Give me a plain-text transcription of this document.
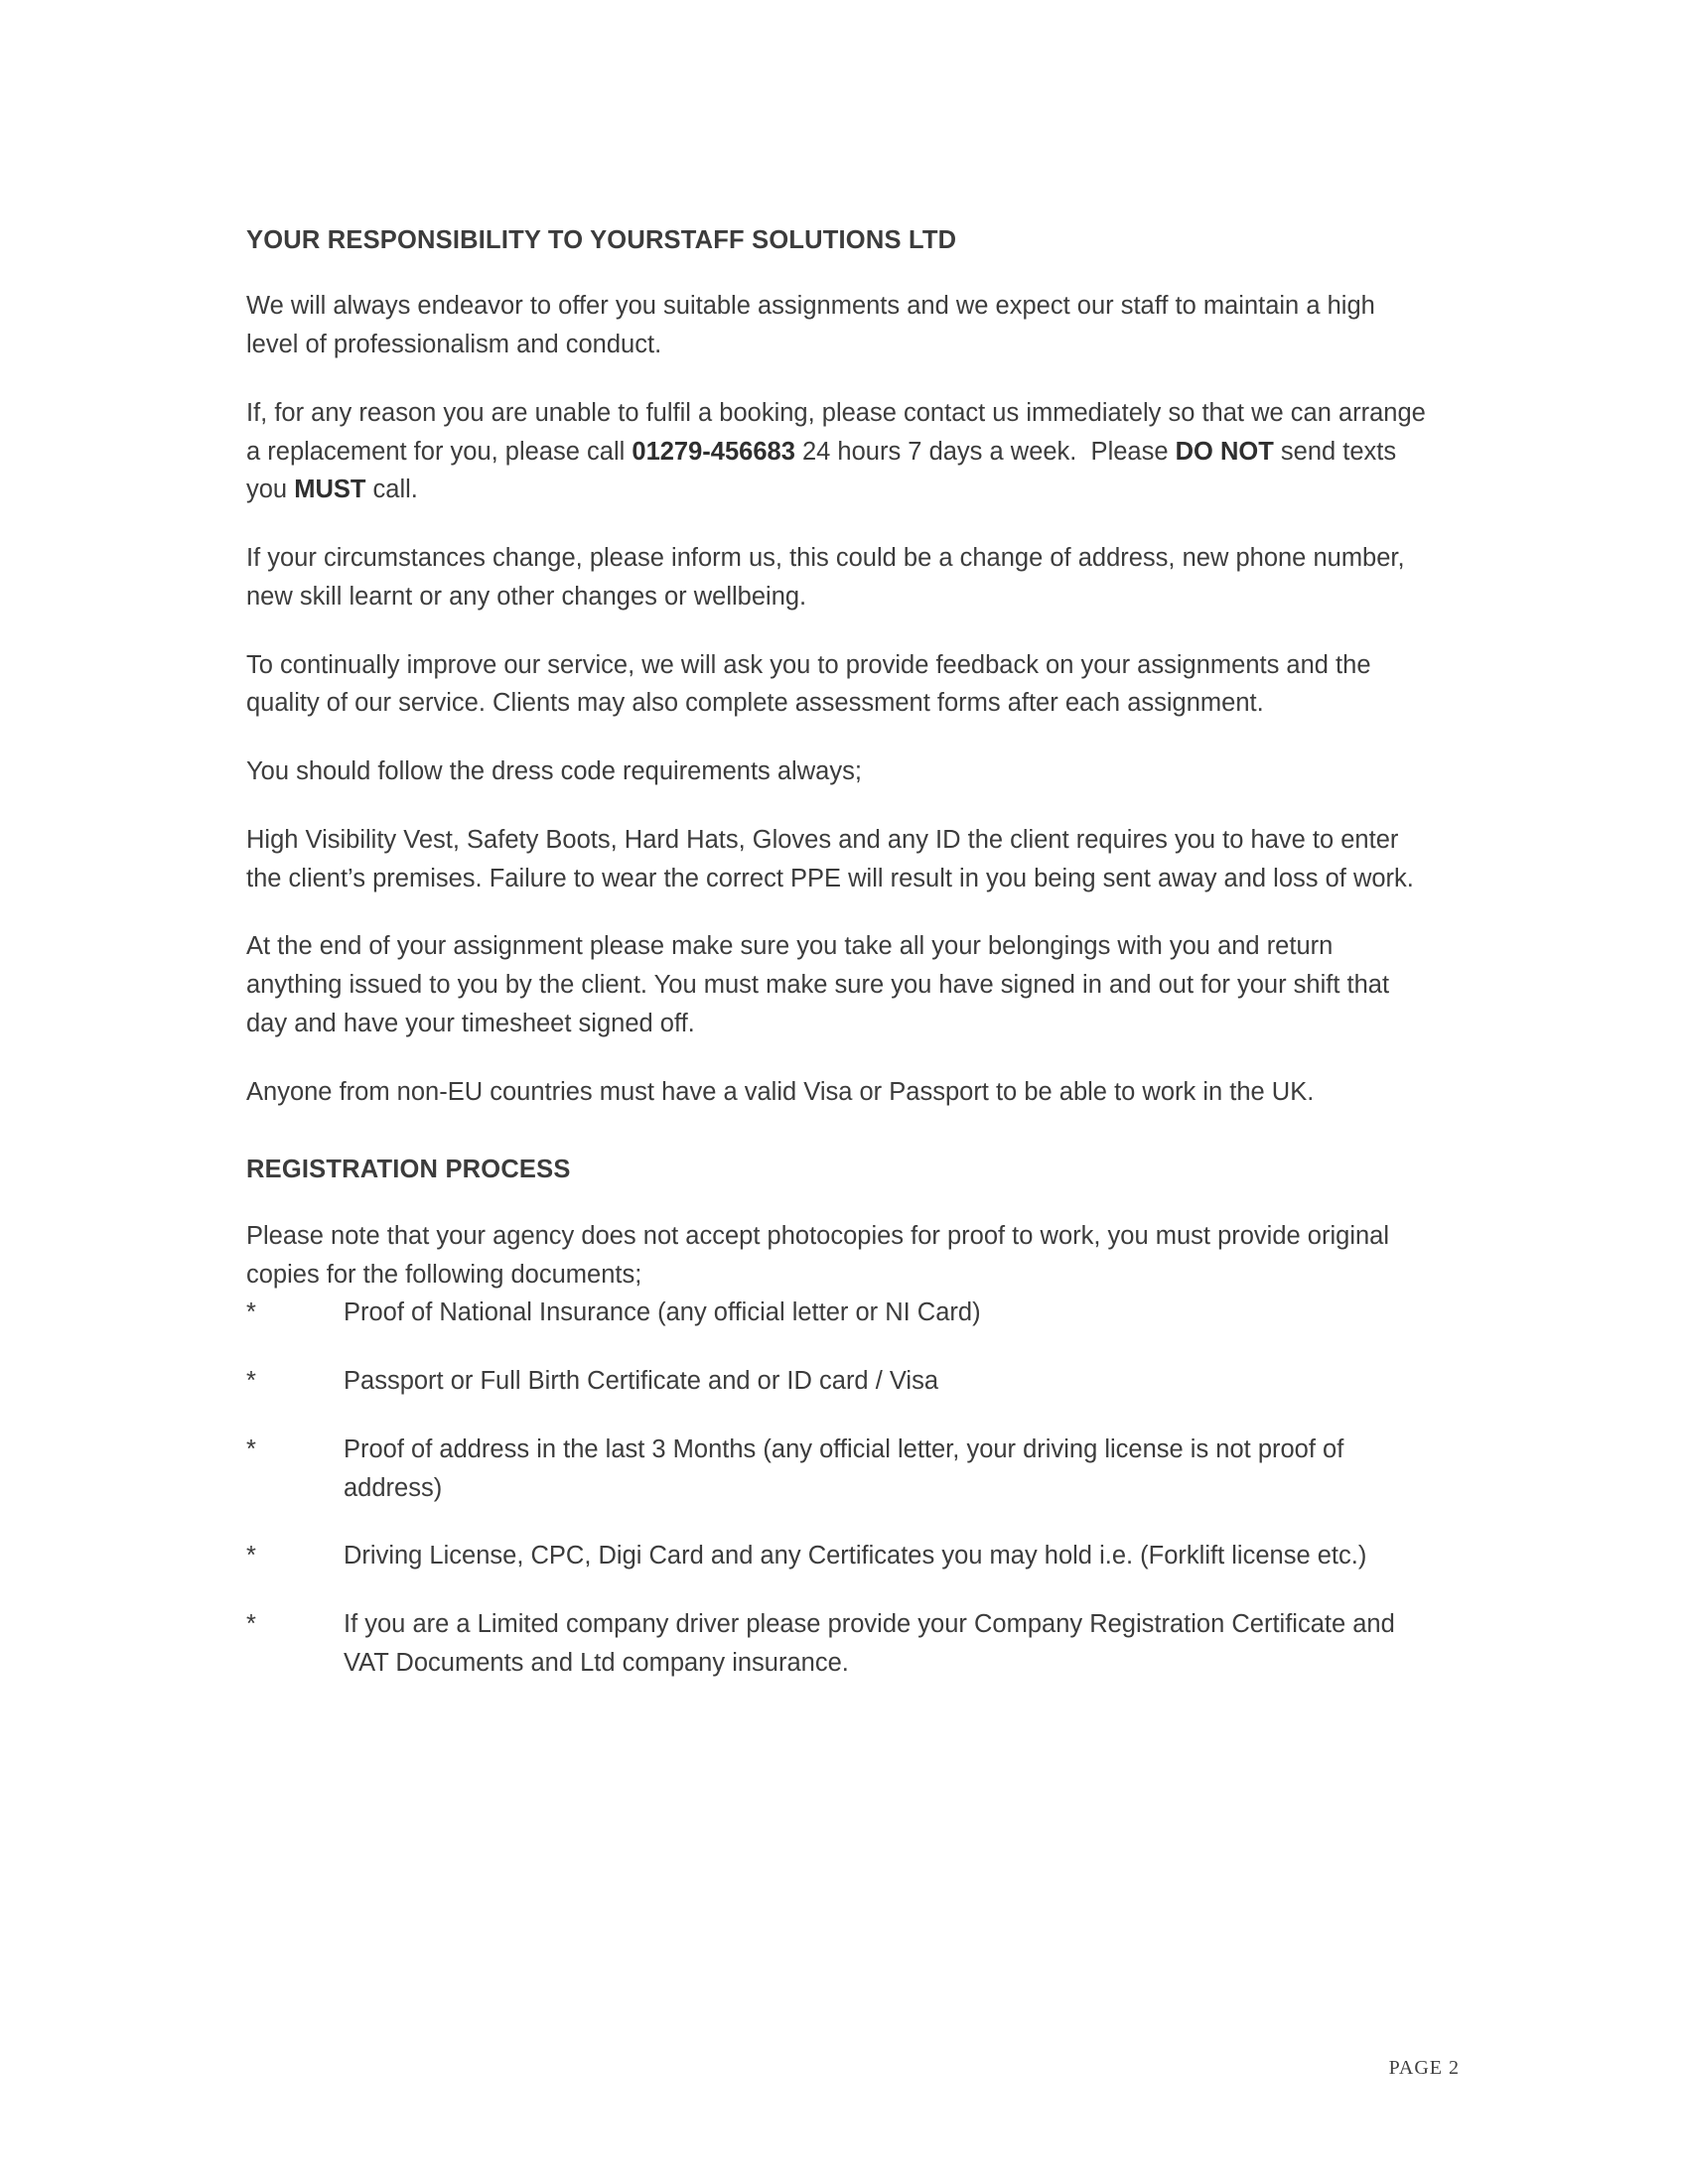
YOUR RESPONSIBILITY TO YOURSTAFF SOLUTIONS LTD

We will always endeavor to offer you suitable assignments and we expect our staff to maintain a high level of professionalism and conduct.

If, for any reason you are unable to fulfil a booking, please contact us immediately so that we can arrange a replacement for you, please call 01279-456683 24 hours 7 days a week.  Please DO NOT send texts you MUST call.

If your circumstances change, please inform us, this could be a change of address, new phone number, new skill learnt or any other changes or wellbeing.

To continually improve our service, we will ask you to provide feedback on your assignments and the quality of our service. Clients may also complete assessment forms after each assignment.

You should follow the dress code requirements always;

High Visibility Vest, Safety Boots, Hard Hats, Gloves and any ID the client requires you to have to enter the client’s premises. Failure to wear the correct PPE will result in you being sent away and loss of work.

At the end of your assignment please make sure you take all your belongings with you and return anything issued to you by the client. You must make sure you have signed in and out for your shift that day and have your timesheet signed off.

Anyone from non-EU countries must have a valid Visa or Passport to be able to work in the UK.

REGISTRATION PROCESS

Please note that your agency does not accept photocopies for proof to work, you must provide original copies for the following documents;

*	Proof of National Insurance (any official letter or NI Card)
*	Passport or Full Birth Certificate and or ID card / Visa
*	Proof of address in the last 3 Months (any official letter, your driving license is not proof of address)
*	Driving License, CPC, Digi Card and any Certificates you may hold i.e. (Forklift license etc.)
*	If you are a Limited company driver please provide your Company Registration Certificate and VAT Documents and Ltd company insurance.
PAGE 2
